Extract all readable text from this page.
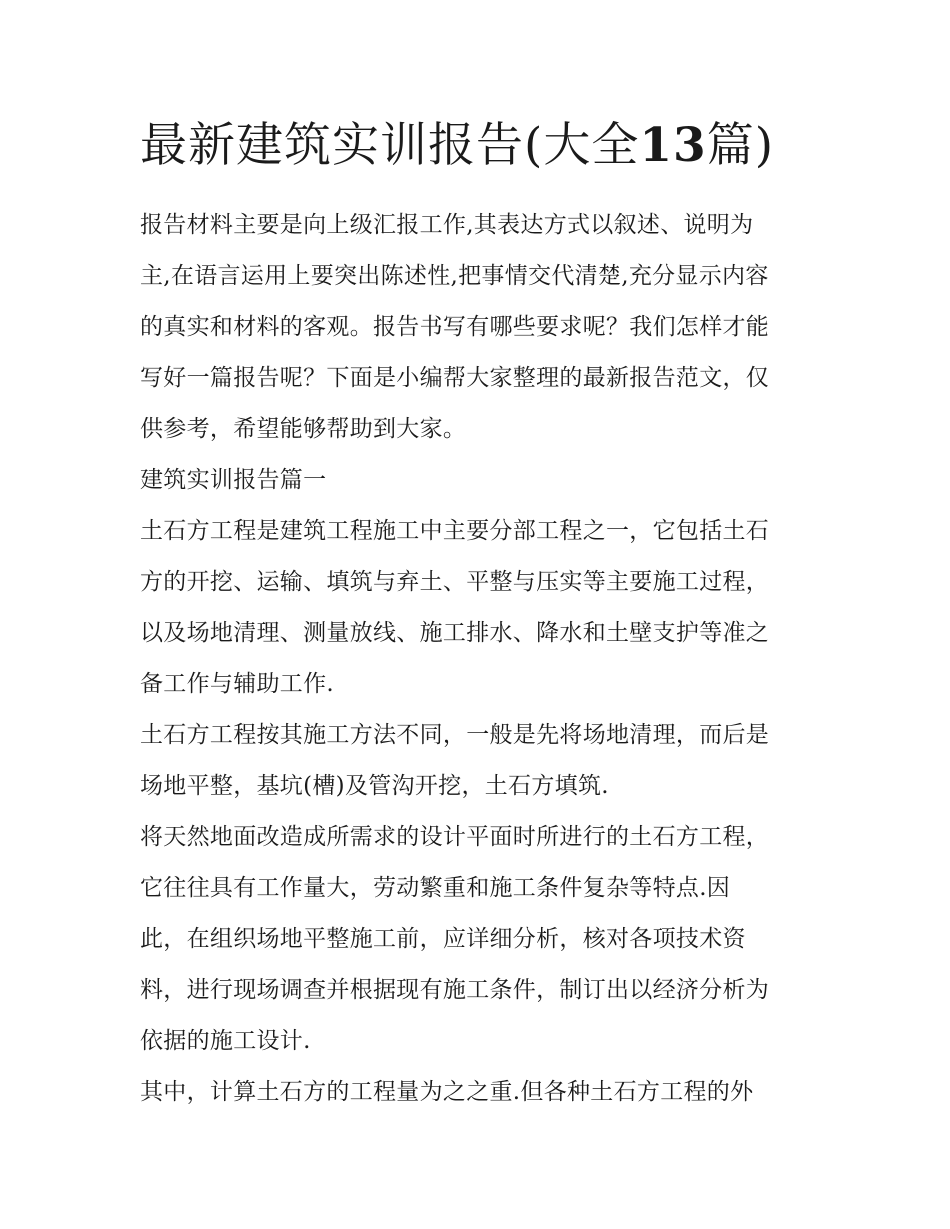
最新建筑实训报告(大全13篇)
报告材料主要是向上级汇报工作,其表达方式以叙述、说明为
主,在语言运用上要突出陈述性,把事情交代清楚,充分显示内容
的真实和材料的客观。报告书写有哪些要求呢？我们怎样才能
写好一篇报告呢？下面是小编帮大家整理的最新报告范文，仅
供参考，希望能够帮助到大家。
建筑实训报告篇一
土石方工程是建筑工程施工中主要分部工程之一，它包括土石
方的开挖、运输、填筑与弃土、平整与压实等主要施工过程，
以及场地清理、测量放线、施工排水、降水和土壁支护等准之
备工作与辅助工作.
土石方工程按其施工方法不同，一般是先将场地清理，而后是
场地平整，基坑(槽)及管沟开挖，土石方填筑.
将天然地面改造成所需求的设计平面时所进行的土石方工程，
它往往具有工作量大，劳动繁重和施工条件复杂等特点.因
此，在组织场地平整施工前，应详细分析，核对各项技术资
料，进行现场调查并根据现有施工条件，制订出以经济分析为
依据的施工设计.
其中，计算土石方的工程量为之之重.但各种土石方工程的外
